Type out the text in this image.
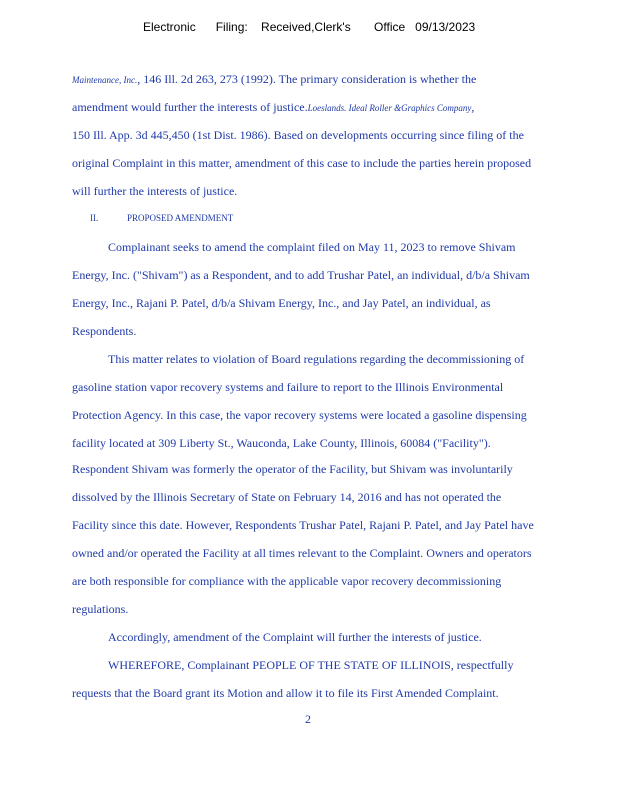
Electronic      Filing:    Received,Clerk's       Office   09/13/2023
Maintenance, Inc., 146 Ill. 2d 263, 273 (1992). The primary consideration is whether the
amendment would further the interests of justice.Loeslands. Ideal Roller &Graphics Company,
150 Ill. App. 3d 445,450 (1st Dist. 1986). Based on developments occurring since filing of the
original Complaint in this matter, amendment of this case to include the parties herein proposed
will further the interests of justice.
II.	PROPOSED AMENDMENT
Complainant seeks to amend the complaint filed on May 11, 2023 to remove Shivam
Energy, Inc. ("Shivam") as a Respondent, and to add Trushar Patel, an individual, d/b/a Shivam
Energy, Inc., Rajani P. Patel, d/b/a Shivam Energy, Inc., and Jay Patel, an individual, as
Respondents.
This matter relates to violation of Board regulations regarding the decommissioning of
gasoline station vapor recovery systems and failure to report to the Illinois Environmental
Protection Agency. In this case, the vapor recovery systems were located a gasoline dispensing
facility located at 309 Liberty St., Wauconda, Lake County, Illinois, 60084 ("Facility").
Respondent Shivam was formerly the operator of the Facility, but Shivam was involuntarily
dissolved by the Illinois Secretary of State on February 14, 2016 and has not operated the
Facility since this date. However, Respondents Trushar Patel, Rajani P. Patel, and Jay Patel have
owned and/or operated the Facility at all times relevant to the Complaint. Owners and operators
are both responsible for compliance with the applicable vapor recovery decommissioning
regulations.
Accordingly, amendment of the Complaint will further the interests of justice.
WHEREFORE, Complainant PEOPLE OF THE STATE OF ILLINOIS, respectfully
requests that the Board grant its Motion and allow it to file its First Amended Complaint.
2
